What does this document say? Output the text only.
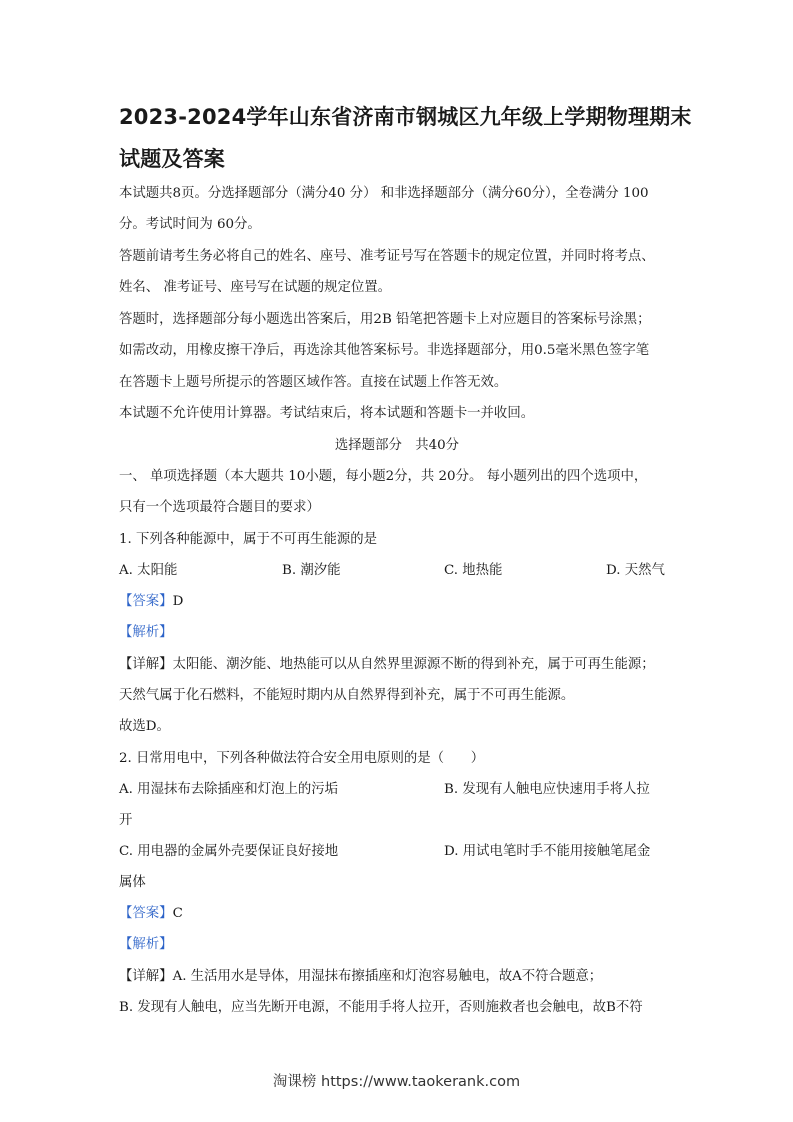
2023-2024学年山东省济南市钢城区九年级上学期物理期末
试题及答案
本试题共8页。分选择题部分（满分40 分） 和非选择题部分（满分60分），全卷满分 100
分。考试时间为 60分。
答题前请考生务必将自己的姓名、座号、准考证号写在答题卡的规定位置，并同时将考点、
姓名、 准考证号、座号写在试题的规定位置。
答题时，选择题部分每小题选出答案后，用2B 铅笔把答题卡上对应题目的答案标号涂黑；
如需改动，用橡皮擦干净后，再选涂其他答案标号。非选择题部分，用0.5毫米黑色签字笔
在答题卡上题号所提示的答题区域作答。直接在试题上作答无效。
本试题不允许使用计算器。考试结束后，将本试题和答题卡一并收回。
选择题部分　共40分
一、 单项选择题（本大题共 10小题，每小题2分，共 20分。 每小题列出的四个选项中，
只有一个选项最符合题目的要求）
1. 下列各种能源中，属于不可再生能源的是
A. 太阳能	B. 潮汐能	C. 地热能	D. 天然气
【答案】D
【解析】
【详解】太阳能、潮汐能、地热能可以从自然界里源源不断的得到补充，属于可再生能源；
天然气属于化石燃料，不能短时期内从自然界得到补充，属于不可再生能源。
故选D。
2. 日常用电中，下列各种做法符合安全用电原则的是（　　）
A. 用湿抹布去除插座和灯泡上的污垢	B. 发现有人触电应快速用手将人拉
开
C. 用电器的金属外壳要保证良好接地	D. 用试电笔时手不能用接触笔尾金
属体
【答案】C
【解析】
【详解】A. 生活用水是导体，用湿抹布擦插座和灯泡容易触电，故A不符合题意；
B. 发现有人触电，应当先断开电源，不能用手将人拉开，否则施救者也会触电，故B不符
淘课榜 https://www.taokerank.com
